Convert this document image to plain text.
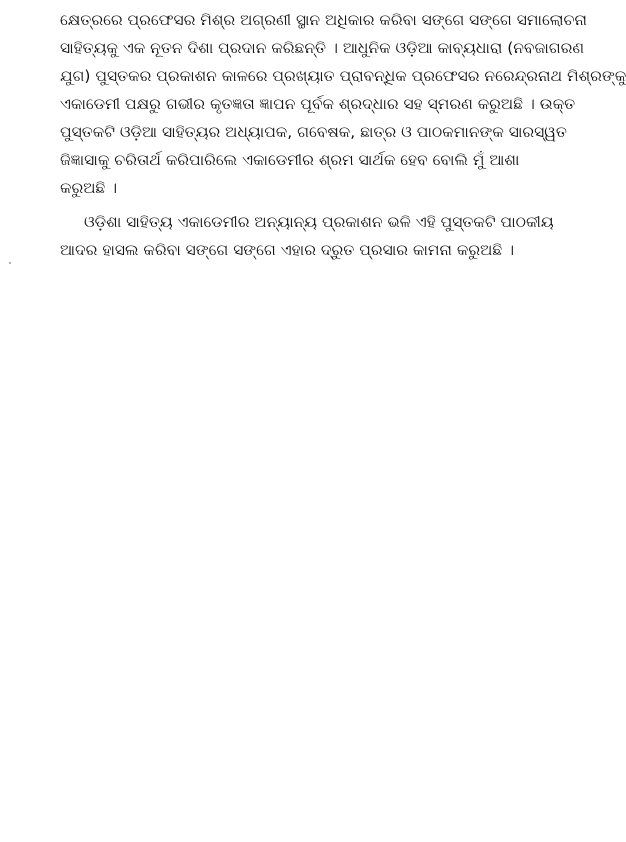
କ୍ଷେତ୍ରରେ ପ୍ରଫେସର ମିଶ୍ର ଅଗ୍ରଣୀ ସ୍ଥାନ ଅଧିକାର କରିବା ସଙ୍ଗେ ସଙ୍ଗେ ସମାଲୋଚନା
ସାହିତ୍ୟକୁ ଏକ ନୂତନ ଦିଶା ପ୍ରଦାନ କରିଛନ୍ତି । ଆଧୁନିକ ଓଡ଼ିଆ କାବ୍ୟଧାରା (ନବଜାଗରଣ
ଯୁଗ) ପୁସ୍ତକର ପ୍ରକାଶନ କାଳରେ ପ୍ରଖ୍ୟାତ ପ୍ରାବନ୍ଧିକ ପ୍ରଫେସର ନରେନ୍ଦ୍ରନାଥ ମିଶ୍ରଙ୍କୁ
ଏକାଡେମୀ ପକ୍ଷରୁ ଗଭୀର କୃତଜ୍ଞତା ଜ୍ଞାପନ ପୂର୍ବକ ଶ୍ରଦ୍ଧାର ସହ ସ୍ମରଣ କରୁଅଛି । ଉକ୍ତ
ପୁସ୍ତକଟି ଓଡ଼ିଆ ସାହିତ୍ୟର ଅଧ୍ୟାପକ, ଗବେଷକ, ଛାତ୍ର ଓ ପାଠକମାନଙ୍କ ସାରସ୍ୱତ
ଜିଜ୍ଞାସାକୁ ଚରିତାର୍ଥ କରିପାରିଲେ ଏକାଡେମୀର ଶ୍ରମ ସାର୍ଥକ ହେବ ବୋଲି ମୁଁ ଆଶା
କରୁଅଛି ।
ଓଡ଼ିଶା ସାହିତ୍ୟ ଏକାଡେମୀର ଅନ୍ୟାନ୍ୟ ପ୍ରକାଶନ ଭଳି ଏହି ପୁସ୍ତକଟି ପାଠକୀୟ
ଆଦର ହାସଲ କରିବା ସଙ୍ଗେ ସଙ୍ଗେ ଏହାର ଦ୍ରୁତ ପ୍ରସାର କାମନା କରୁଅଛି ।
